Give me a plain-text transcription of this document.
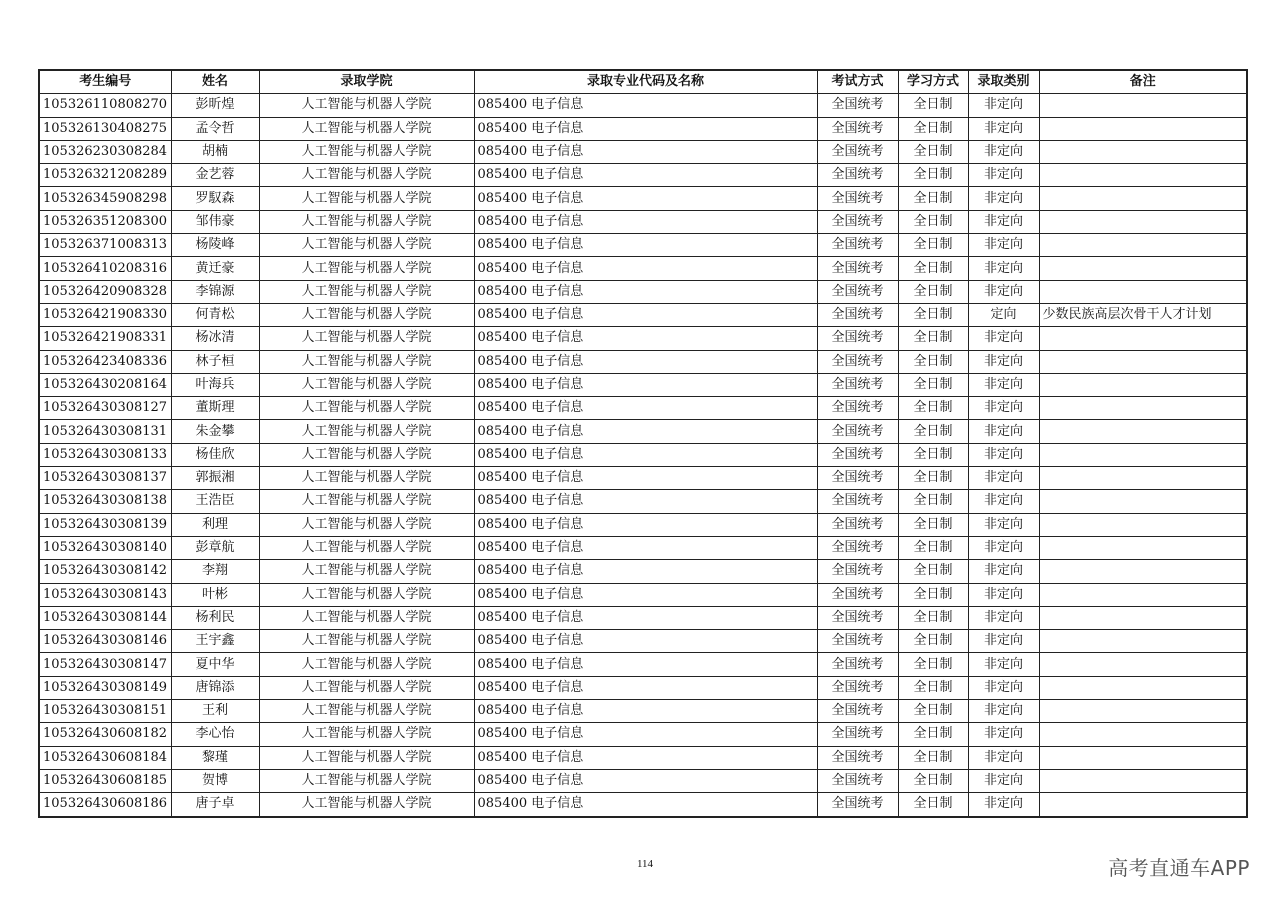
考生编号	姓名	录取学院	录取专业代码及名称	考试方式	学习方式	录取类别	备注
105326110808270	彭昕煌	人工智能与机器人学院	085400 电子信息	全国统考	全日制	非定向	
105326130408275	孟令哲	人工智能与机器人学院	085400 电子信息	全国统考	全日制	非定向	
105326230308284	胡楠	人工智能与机器人学院	085400 电子信息	全国统考	全日制	非定向	
105326321208289	金艺蓉	人工智能与机器人学院	085400 电子信息	全国统考	全日制	非定向	
105326345908298	罗馭森	人工智能与机器人学院	085400 电子信息	全国统考	全日制	非定向	
105326351208300	邹伟豪	人工智能与机器人学院	085400 电子信息	全国统考	全日制	非定向	
105326371008313	杨陵峰	人工智能与机器人学院	085400 电子信息	全国统考	全日制	非定向	
105326410208316	黄迁豪	人工智能与机器人学院	085400 电子信息	全国统考	全日制	非定向	
105326420908328	李锦源	人工智能与机器人学院	085400 电子信息	全国统考	全日制	非定向	
105326421908330	何青松	人工智能与机器人学院	085400 电子信息	全国统考	全日制	定向	少数民族高层次骨干人才计划
105326421908331	杨冰清	人工智能与机器人学院	085400 电子信息	全国统考	全日制	非定向	
105326423408336	林子桓	人工智能与机器人学院	085400 电子信息	全国统考	全日制	非定向	
105326430208164	叶海兵	人工智能与机器人学院	085400 电子信息	全国统考	全日制	非定向	
105326430308127	董斯理	人工智能与机器人学院	085400 电子信息	全国统考	全日制	非定向	
105326430308131	朱金攀	人工智能与机器人学院	085400 电子信息	全国统考	全日制	非定向	
105326430308133	杨佳欣	人工智能与机器人学院	085400 电子信息	全国统考	全日制	非定向	
105326430308137	郭振湘	人工智能与机器人学院	085400 电子信息	全国统考	全日制	非定向	
105326430308138	王浩臣	人工智能与机器人学院	085400 电子信息	全国统考	全日制	非定向	
105326430308139	利理	人工智能与机器人学院	085400 电子信息	全国统考	全日制	非定向	
105326430308140	彭章航	人工智能与机器人学院	085400 电子信息	全国统考	全日制	非定向	
105326430308142	李翔	人工智能与机器人学院	085400 电子信息	全国统考	全日制	非定向	
105326430308143	叶彬	人工智能与机器人学院	085400 电子信息	全国统考	全日制	非定向	
105326430308144	杨利民	人工智能与机器人学院	085400 电子信息	全国统考	全日制	非定向	
105326430308146	王宇鑫	人工智能与机器人学院	085400 电子信息	全国统考	全日制	非定向	
105326430308147	夏中华	人工智能与机器人学院	085400 电子信息	全国统考	全日制	非定向	
105326430308149	唐锦添	人工智能与机器人学院	085400 电子信息	全国统考	全日制	非定向	
105326430308151	王利	人工智能与机器人学院	085400 电子信息	全国统考	全日制	非定向	
105326430608182	李心怡	人工智能与机器人学院	085400 电子信息	全国统考	全日制	非定向	
105326430608184	黎瑾	人工智能与机器人学院	085400 电子信息	全国统考	全日制	非定向	
105326430608185	贺博	人工智能与机器人学院	085400 电子信息	全国统考	全日制	非定向	
105326430608186	唐子卓	人工智能与机器人学院	085400 电子信息	全国统考	全日制	非定向	
114	高考直通车APP
